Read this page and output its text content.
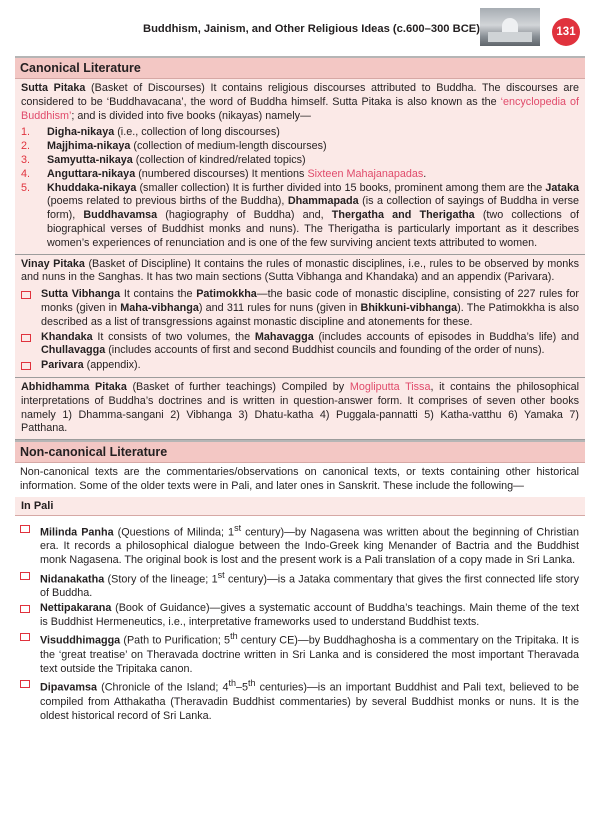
Buddhism, Jainism, and Other Religious Ideas (c.600–300 BCE)	131
Canonical Literature

Sutta Pitaka (Basket of Discourses) It contains religious discourses attributed to Buddha. The discourses are considered to be ‘Buddhavacana’, the word of Buddha himself. Sutta Pitaka is also known as the ‘encyclopedia of Buddhism’; and is divided into five books (nikayas) namely—

1.	Digha-nikaya (i.e., collection of long discourses)
2.	Majjhima-nikaya (collection of medium-length discourses)
3.	Samyutta-nikaya (collection of kindred/related topics)
4.	Anguttara-nikaya (numbered discourses) It mentions Sixteen Mahajanapadas.
5.	Khuddaka-nikaya (smaller collection) It is further divided into 15 books, prominent among them are the Jataka (poems related to previous births of the Buddha), Dhammapada (is a collection of sayings of Buddha in verse form), Buddhavamsa (hagiography of Buddha) and, Thergatha and Therigatha (two collections of biographical verses of Buddhist monks and nuns). The Therigatha is particularly important as it describes women’s experiences of renunciation and is one of the few surviving ancient texts attributed to women.

Vinay Pitaka (Basket of Discipline) It contains the rules of monastic disciplines, i.e., rules to be observed by monks and nuns in the Sanghas. It has two main sections (Sutta Vibhanga and Khandaka) and an appendix (Parivara).

Sutta Vibhanga It contains the Patimokkha—the basic code of monastic discipline, consisting of 227 rules for monks (given in Maha-vibhanga) and 311 rules for nuns (given in Bhikkuni-vibhanga). The Patimokkha is also described as a list of transgressions against monastic discipline and atonements for these.
Khandaka It consists of two volumes, the Mahavagga (includes accounts of episodes in Buddha’s life) and Chullavagga (includes accounts of first and second Buddhist councils and founding of the order of nuns).
Parivara (appendix).

Abhidhamma Pitaka (Basket of further teachings) Compiled by Mogliputta Tissa, it contains the philosophical interpretations of Buddha’s doctrines and is written in question-answer form. It comprises of seven other books namely 1) Dhamma-sangani 2) Vibhanga 3) Dhatu-katha 4) Puggala-pannatti 5) Katha-vatthu 6) Yamaka 7) Patthana.

Non-canonical Literature

Non-canonical texts are the commentaries/observations on canonical texts, or texts containing other historical information. Some of the older texts were in Pali, and later ones in Sanskrit. These include the following—

In Pali
Milinda Panha (Questions of Milinda; 1st century)—by Nagasena was written about the beginning of Christian era. It records a philosophical dialogue between the Indo-Greek king Menander of Bactria and the Buddhist monk Nagasena. The original book is lost and the present work is a Pali translation of a copy made in Sri Lanka.
Nidanakatha (Story of the lineage; 1st century)—is a Jataka commentary that gives the first connected life story of Buddha.
Nettipakarana (Book of Guidance)—gives a systematic account of Buddha’s teachings. Main theme of the text is Buddhist Hermeneutics, i.e., interpretative frameworks used to understand Buddhist texts.
Visuddhimagga (Path to Purification; 5th century CE)—by Buddhaghosha is a commentary on the Tripitaka. It is the ‘great treatise’ on Theravada doctrine written in Sri Lanka and is considered the most important Theravada text outside the Tripitaka canon.
Dipavamsa (Chronicle of the Island; 4th–5th centuries)—is an important Buddhist and Pali text, believed to be compiled from Atthakatha (Theravadin Buddhist commentaries) by several Buddhist monks or nuns. It is the oldest historical record of Sri Lanka.
